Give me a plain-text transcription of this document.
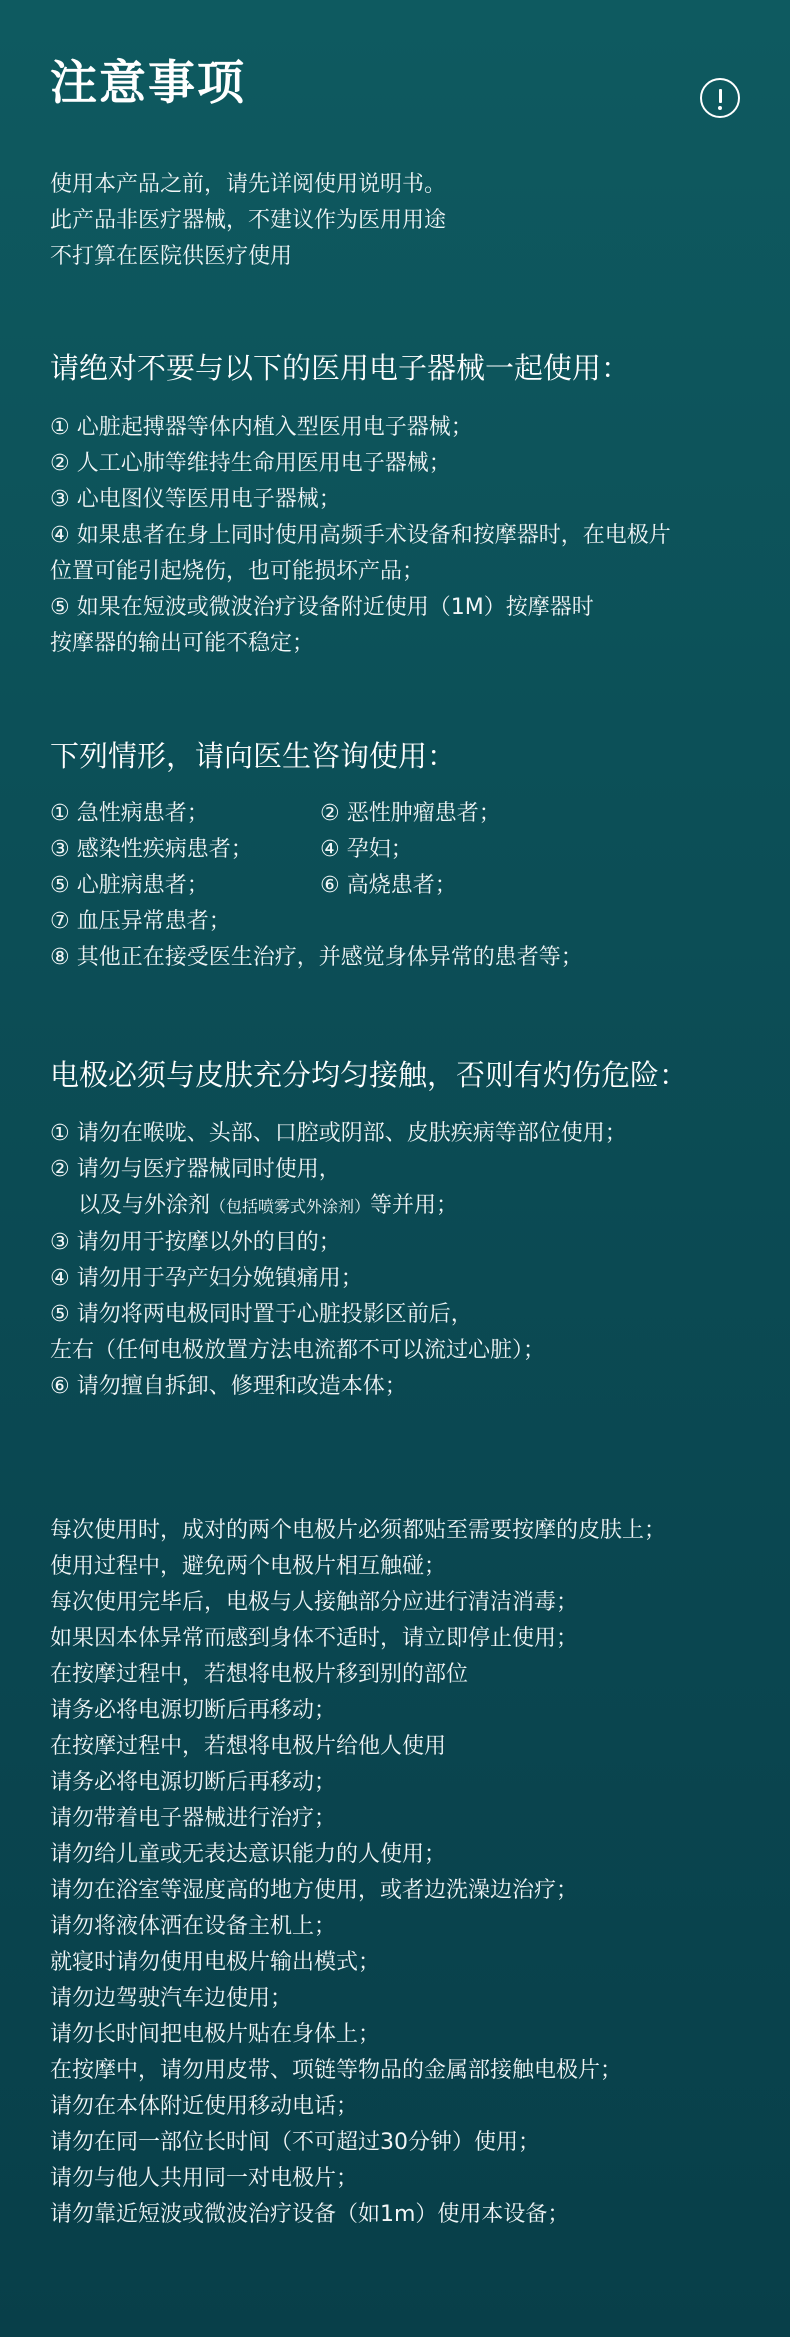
注意事项
使用本产品之前，请先详阅使用说明书。
此产品非医疗器械，不建议作为医用用途
不打算在医院供医疗使用
请绝对不要与以下的医用电子器械一起使用：
① 心脏起搏器等体内植入型医用电子器械；
② 人工心肺等维持生命用医用电子器械；
③ 心电图仪等医用电子器械；
④ 如果患者在身上同时使用高频手术设备和按摩器时，在电极片
位置可能引起烧伤，也可能损坏产品；
⑤ 如果在短波或微波治疗设备附近使用（1M）按摩器时
按摩器的输出可能不稳定；
下列情形，请向医生咨询使用：
① 急性病患者；	② 恶性肿瘤患者；
③ 感染性疾病患者；	④ 孕妇；
⑤ 心脏病患者；	⑥ 高烧患者；
⑦ 血压异常患者；
⑧ 其他正在接受医生治疗，并感觉身体异常的患者等；
电极必须与皮肤充分均匀接触，否则有灼伤危险：
① 请勿在喉咙、头部、口腔或阴部、皮肤疾病等部位使用；
② 请勿与医疗器械同时使用，
以及与外涂剂（包括喷雾式外涂剂）等并用；
③ 请勿用于按摩以外的目的；
④ 请勿用于孕产妇分娩镇痛用；
⑤ 请勿将两电极同时置于心脏投影区前后，
左右（任何电极放置方法电流都不可以流过心脏）；
⑥ 请勿擅自拆卸、修理和改造本体；
每次使用时，成对的两个电极片必须都贴至需要按摩的皮肤上；
使用过程中，避免两个电极片相互触碰；
每次使用完毕后，电极与人接触部分应进行清洁消毒；
如果因本体异常而感到身体不适时，请立即停止使用；
在按摩过程中，若想将电极片移到别的部位
请务必将电源切断后再移动；
在按摩过程中，若想将电极片给他人使用
请务必将电源切断后再移动；
请勿带着电子器械进行治疗；
请勿给儿童或无表达意识能力的人使用；
请勿在浴室等湿度高的地方使用，或者边洗澡边治疗；
请勿将液体洒在设备主机上；
就寝时请勿使用电极片输出模式；
请勿边驾驶汽车边使用；
请勿长时间把电极片贴在身体上；
在按摩中，请勿用皮带、项链等物品的金属部接触电极片；
请勿在本体附近使用移动电话；
请勿在同一部位长时间（不可超过30分钟）使用；
请勿与他人共用同一对电极片；
请勿靠近短波或微波治疗设备（如1m）使用本设备；
